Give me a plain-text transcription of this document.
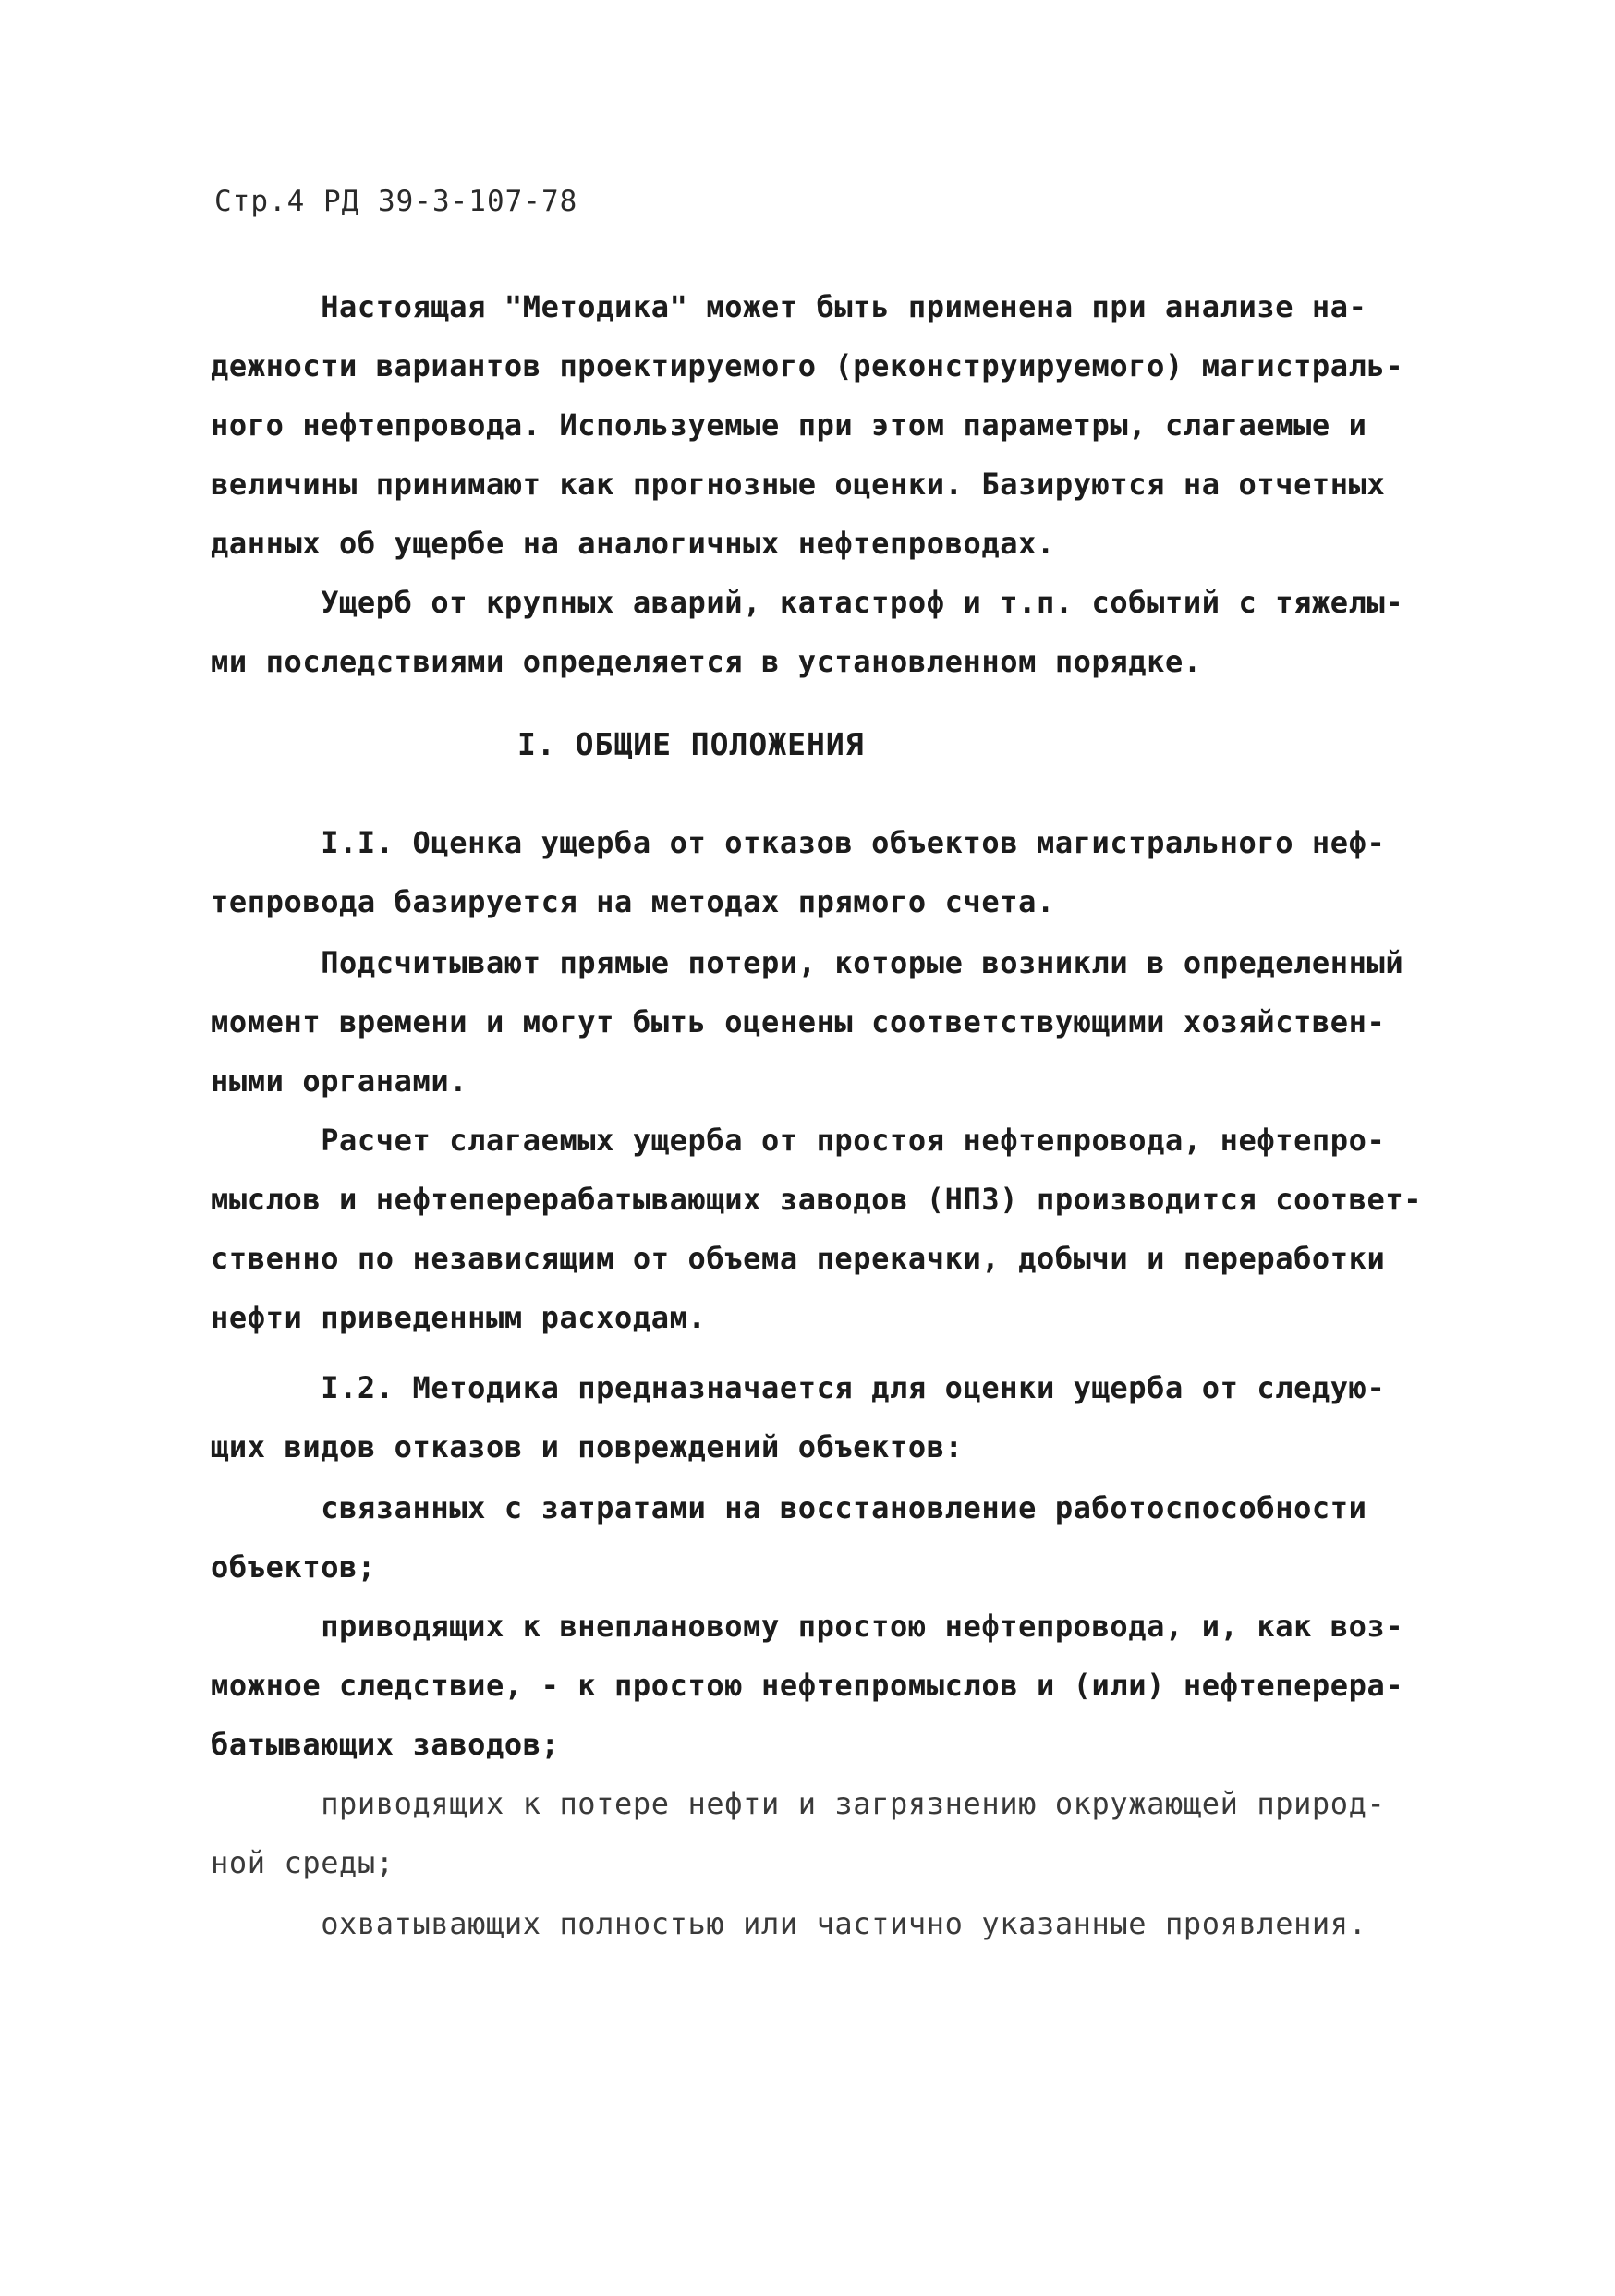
Стр.4 РД 39-3-107-78
Настоящая "Методика" может быть применена при анализе на-
дежности вариантов проектируемого (реконструируемого) магистраль-
ного нефтепровода. Используемые при этом параметры, слагаемые и
величины принимают как прогнозные оценки. Базируются на отчетных
данных об ущербе на аналогичных нефтепроводах.
Ущерб от крупных аварий, катастроф и т.п. событий с тяжелы-
ми последствиями определяется в установленном порядке.
I. ОБЩИЕ ПОЛОЖЕНИЯ
I.I. Оценка ущерба от отказов объектов магистрального неф-
тепровода базируется на методах прямого счета.
Подсчитывают прямые потери, которые возникли в определенный
момент времени и могут быть оценены соответствующими хозяйствен-
ными органами.
Расчет слагаемых ущерба от простоя нефтепровода, нефтепро-
мыслов и нефтеперерабатывающих заводов (НПЗ) производится соответ-
ственно по независящим от объема перекачки, добычи и переработки
нефти приведенным расходам.
I.2. Методика предназначается для оценки ущерба от следую-
щих видов отказов и повреждений объектов:
связанных с затратами на восстановление работоспособности
объектов;
приводящих к внеплановому простою нефтепровода, и, как воз-
можное следствие, - к простою нефтепромыслов и (или) нефтеперера-
батывающих заводов;
приводящих к потере нефти и загрязнению окружающей природ-
ной среды;
охватывающих полностью или частично указанные проявления.
